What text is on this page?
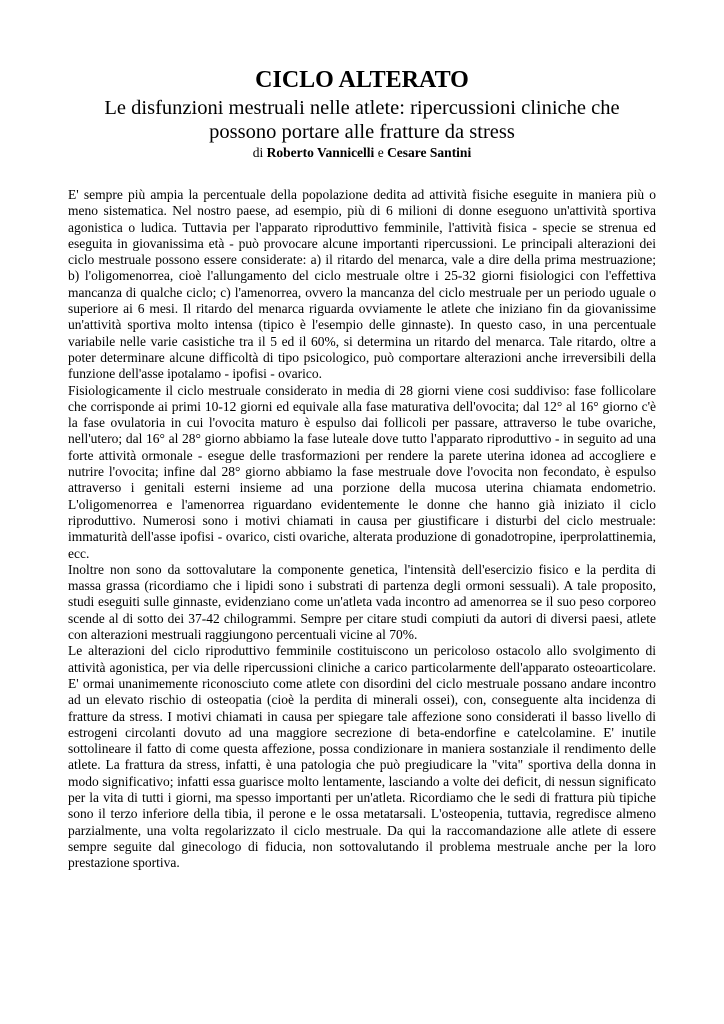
CICLO ALTERATO
Le disfunzioni mestruali nelle atlete: ripercussioni cliniche che
possono portare alle fratture da stress
di Roberto Vannicelli e Cesare Santini

E' sempre più ampia la percentuale della popolazione dedita ad attività fisiche eseguite in maniera più o meno sistematica. Nel nostro paese, ad esempio, più di 6 milioni di donne eseguono un'attività sportiva agonistica o ludica. Tuttavia per l'apparato riproduttivo femminile, l'attività fisica - specie se strenua ed eseguita in giovanissima età - può provocare alcune importanti ripercussioni. Le principali alterazioni dei ciclo mestruale possono essere considerate: a) il ritardo del menarca, vale a dire della prima mestruazione; b) l'oligomenorrea, cioè l'allungamento del ciclo mestruale oltre i 25-32 giorni fisiologici con l'effettiva mancanza di qualche ciclo; c) l'amenorrea, ovvero la mancanza del ciclo mestruale per un periodo uguale o superiore ai 6 mesi. Il ritardo del menarca riguarda ovviamente le atlete che iniziano fin da giovanissime un'attività sportiva molto intensa (tipico è l'esempio delle ginnaste). In questo caso, in una percentuale variabile nelle varie casistiche tra il 5 ed il 60%, si determina un ritardo del menarca. Tale ritardo, oltre a poter determinare alcune difficoltà di tipo psicologico, può comportare alterazioni anche irreversibili della funzione dell'asse ipotalamo - ipofisi - ovarico.

Fisiologicamente il ciclo mestruale considerato in media di 28 giorni viene cosi suddiviso: fase follicolare che corrisponde ai primi 10-12 giorni ed equivale alla fase maturativa dell'ovocita; dal 12° al 16° giorno c'è la fase ovulatoria in cui l'ovocita maturo è espulso dai follicoli per passare, attraverso le tube ovariche, nell'utero; dal 16° al 28° giorno abbiamo la fase luteale dove tutto l'apparato riproduttivo - in seguito ad una forte attività ormonale - esegue delle trasformazioni per rendere la parete uterina idonea ad accogliere e nutrire l'ovocita; infine dal 28° giorno abbiamo la fase mestruale dove l'ovocita non fecondato, è espulso attraverso i genitali esterni insieme ad una porzione della mucosa uterina chiamata endometrio. L'oligomenorrea e l'amenorrea riguardano evidentemente le donne che hanno già iniziato il ciclo riproduttivo. Numerosi sono i motivi chiamati in causa per giustificare i disturbi del ciclo mestruale: immaturità dell'asse ipofisi - ovarico, cisti ovariche, alterata produzione di gonadotropine, iperprolattinemia, ecc.

Inoltre non sono da sottovalutare la componente genetica, l'intensità dell'esercizio fisico e la perdita di massa grassa (ricordiamo che i lipidi sono i substrati di partenza degli ormoni sessuali). A tale proposito, studi eseguiti sulle ginnaste, evidenziano come un'atleta vada incontro ad amenorrea se il suo peso corporeo scende al di sotto dei 37-42 chilogrammi. Sempre per citare studi compiuti da autori di diversi paesi, atlete con alterazioni mestruali raggiungono percentuali vicine al 70%.

Le alterazioni del ciclo riproduttivo femminile costituiscono un pericoloso ostacolo allo svolgimento di attività agonistica, per via delle ripercussioni cliniche a carico particolarmente dell'apparato osteoarticolare. E' ormai unanimemente riconosciuto come atlete con disordini del ciclo mestruale possano andare incontro ad un elevato rischio di osteopatia (cioè la perdita di minerali ossei), con, conseguente alta incidenza di fratture da stress. I motivi chiamati in causa per spiegare tale affezione sono considerati il basso livello di estrogeni circolanti dovuto ad una maggiore secrezione di beta-endorfine e catelcolamine. E' inutile sottolineare il fatto di come questa affezione, possa condizionare in maniera sostanziale il rendimento delle atlete. La frattura da stress, infatti, è una patologia che può pregiudicare la "vita" sportiva della donna in modo significativo; infatti essa guarisce molto lentamente, lasciando a volte dei deficit, di nessun significato per la vita di tutti i giorni, ma spesso importanti per un'atleta. Ricordiamo che le sedi di frattura più tipiche sono il terzo inferiore della tibia, il perone e le ossa metatarsali. L'osteopenia, tuttavia, regredisce almeno parzialmente, una volta regolarizzato il ciclo mestruale. Da qui la raccomandazione alle atlete di essere sempre seguite dal ginecologo di fiducia, non sottovalutando il problema mestruale anche per la loro prestazione sportiva.
